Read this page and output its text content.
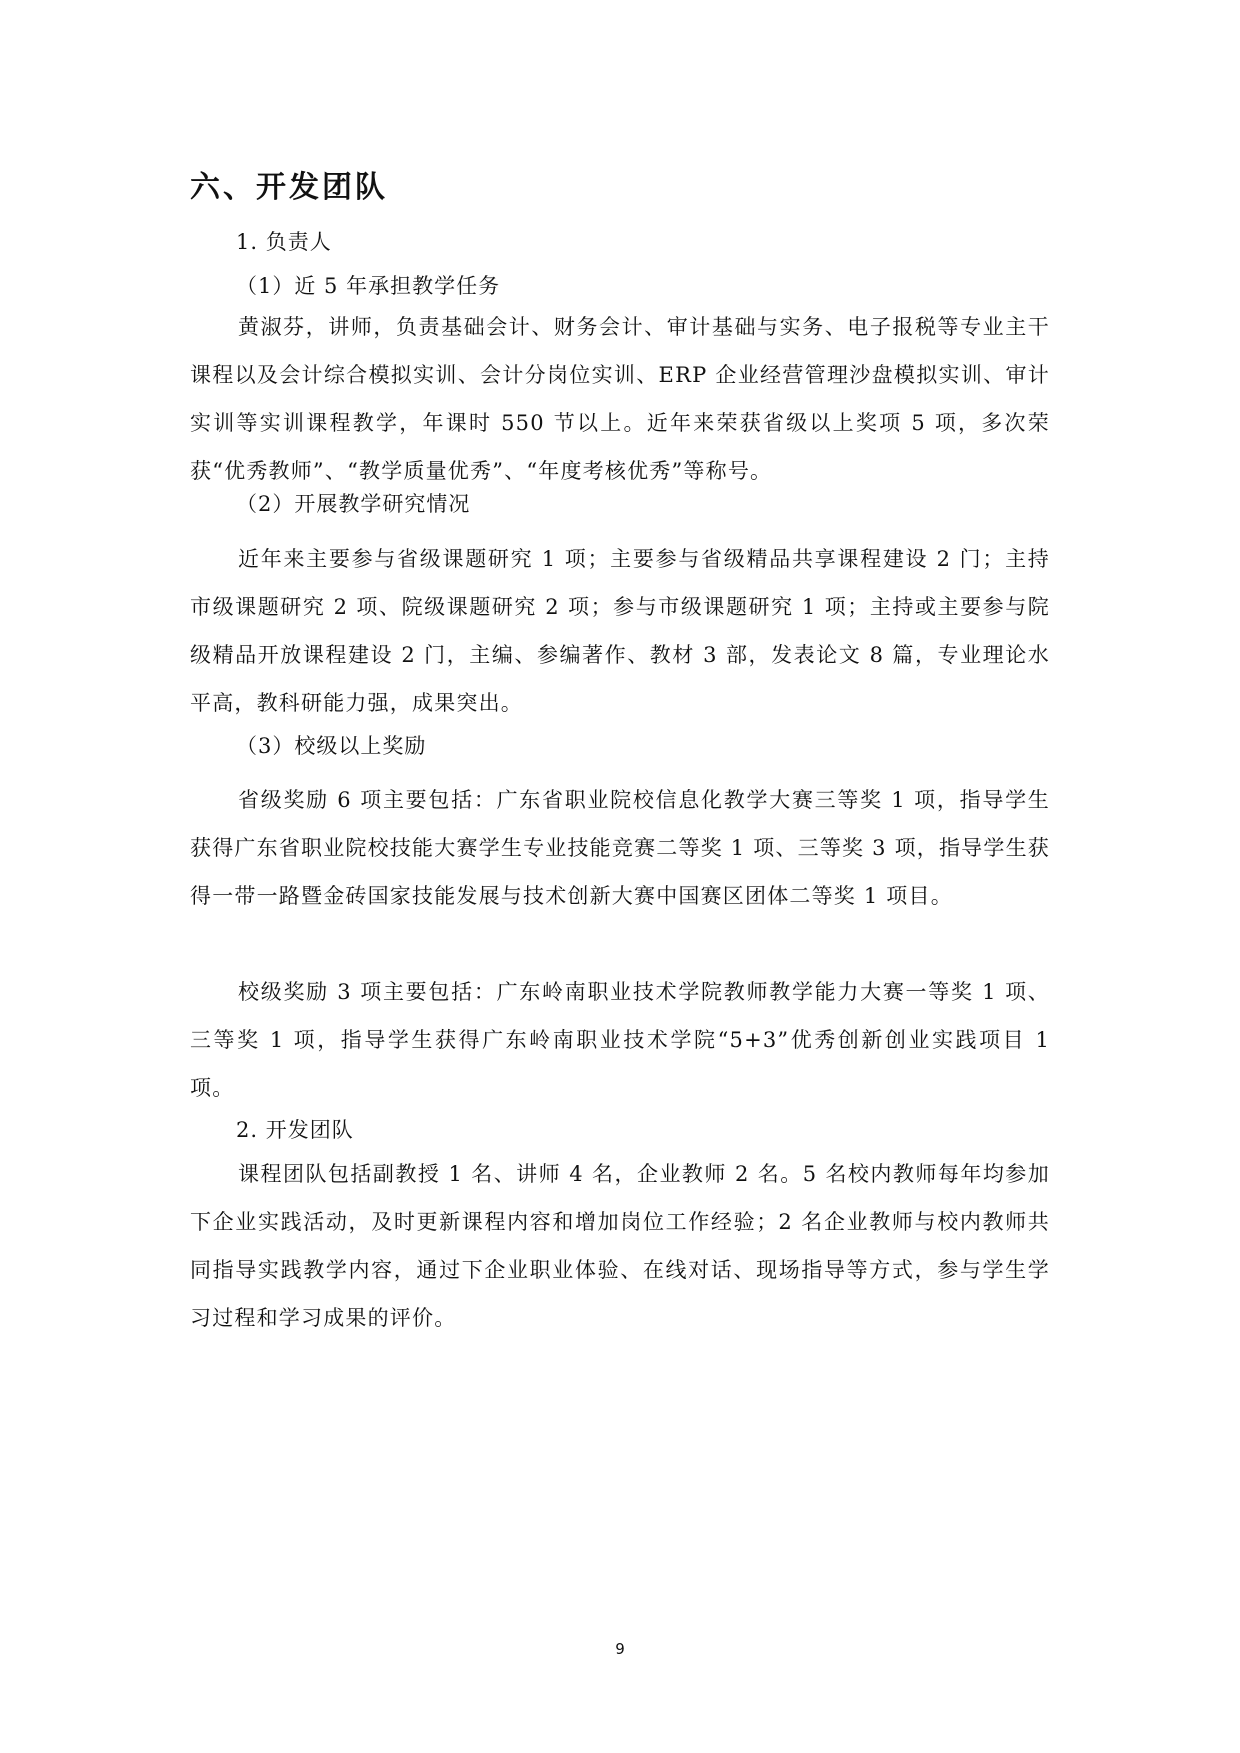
六、开发团队

1. 负责人

（1）近 5 年承担教学任务

黄淑芬，讲师，负责基础会计、财务会计、审计基础与实务、电子报税等专业主干课程以及会计综合模拟实训、会计分岗位实训、ERP 企业经营管理沙盘模拟实训、审计实训等实训课程教学，年课时 550 节以上。近年来荣获省级以上奖项 5 项，多次荣获“优秀教师”、“教学质量优秀”、“年度考核优秀”等称号。

（2）开展教学研究情况

近年来主要参与省级课题研究 1 项；主要参与省级精品共享课程建设 2 门；主持市级课题研究 2 项、院级课题研究 2 项；参与市级课题研究 1 项；主持或主要参与院级精品开放课程建设 2 门，主编、参编著作、教材 3 部，发表论文 8 篇，专业理论水平高，教科研能力强，成果突出。

（3）校级以上奖励

省级奖励 6 项主要包括：广东省职业院校信息化教学大赛三等奖 1 项，指导学生获得广东省职业院校技能大赛学生专业技能竞赛二等奖 1 项、三等奖 3 项，指导学生获得一带一路暨金砖国家技能发展与技术创新大赛中国赛区团体二等奖 1 项目。

校级奖励 3 项主要包括：广东岭南职业技术学院教师教学能力大赛一等奖 1 项、三等奖 1 项，指导学生获得广东岭南职业技术学院“5+3”优秀创新创业实践项目 1 项。

2. 开发团队

课程团队包括副教授 1 名、讲师 4 名，企业教师 2 名。5 名校内教师每年均参加下企业实践活动，及时更新课程内容和增加岗位工作经验；2 名企业教师与校内教师共同指导实践教学内容，通过下企业职业体验、在线对话、现场指导等方式，参与学生学习过程和学习成果的评价。

9
